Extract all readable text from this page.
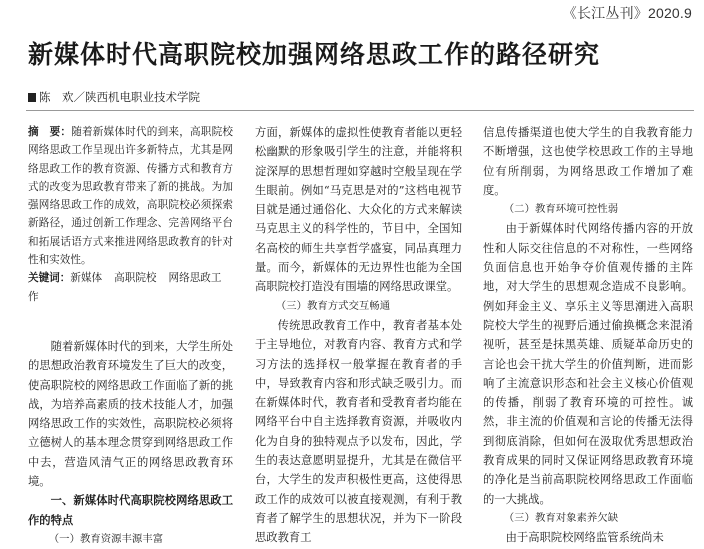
《长江丛刊》2020.9
新媒体时代高职院校加强网络思政工作的路径研究
陈　欢／陕西机电职业技术学院
摘　要：随着新媒体时代的到来，高职院校网络思政工作呈现出许多新特点，尤其是网络思政工作的教育资源、传播方式和教育方式的改变为思政教育带来了新的挑战。为加强网络思政工作的成效，高职院校必须探索新路径，通过创新工作理念、完善网络平台和拓展话语方式来推进网络思政教育的针对性和实效性。
关键词：新媒体 高职院校 网络思政工作

随着新媒体时代的到来，大学生所处的思想政治教育环境发生了巨大的改变，使高职院校的网络思政工作面临了新的挑战，为培养高素质的技术技能人才，加强网络思政工作的实效性，高职院校必须将立德树人的基本理念贯穿到网络思政工作中去，营造风清气正的网络思政教育环境。

一、新媒体时代高职院校网络思政工作的特点

（一）教育资源丰源丰富

方面，新媒体的虚拟性使教育者能以更轻松幽默的形象吸引学生的注意，并能将积淀深厚的思想哲理如穿越时空般呈现在学生眼前。例如“马克思是对的”这档电视节目就是通过通俗化、大众化的方式来解读马克思主义的科学性的，节目中，全国知名高校的师生共享哲学盛宴，同品真理力量。而今，新媒体的无边界性也能为全国高职院校打造没有围墙的网络思政课堂。

（三）教育方式交互畅通

传统思政教育工作中，教育者基本处于主导地位，对教育内容、教育方式和学习方法的选择权一般掌握在教育者的手中，导致教育内容和形式缺乏吸引力。而在新媒体时代，教育者和受教育者均能在网络平台中自主选择教育资源，并吸收内化为自身的独特观点予以发布，因此，学生的表达意愿明显提升，尤其是在微信平台，大学生的发声积极性更高，这使得思政工作的成效可以被直接观测，有利于教育者了解学生的思想状况，并为下一阶段思政教育工

信息传播渠道也使大学生的自我教育能力不断增强，这也使学校思政工作的主导地位有所削弱，为网络思政工作增加了难度。

（二）教育环境可控性弱

由于新媒体时代网络传播内容的开放性和人际交往信息的不对称性，一些网络负面信息也开始争夺价值观传播的主阵地，对大学生的思想观念造成不良影响。例如拜金主义、享乐主义等思潮进入高职院校大学生的视野后通过偷换概念来混淆视听，甚至是抹黑英雄、质疑革命历史的言论也会干扰大学生的价值判断，进而影响了主流意识形态和社会主义核心价值观的传播，削弱了教育环境的可控性。诚然，非主流的价值观和言论的传播无法得到彻底消除，但如何在汲取优秀思想政治教育成果的同时又保证网络思政教育环境的净化是当前高职院校网络思政工作面临的一大挑战。

（三）教育对象素养欠缺

由于高职院校网络监管系统尚未
